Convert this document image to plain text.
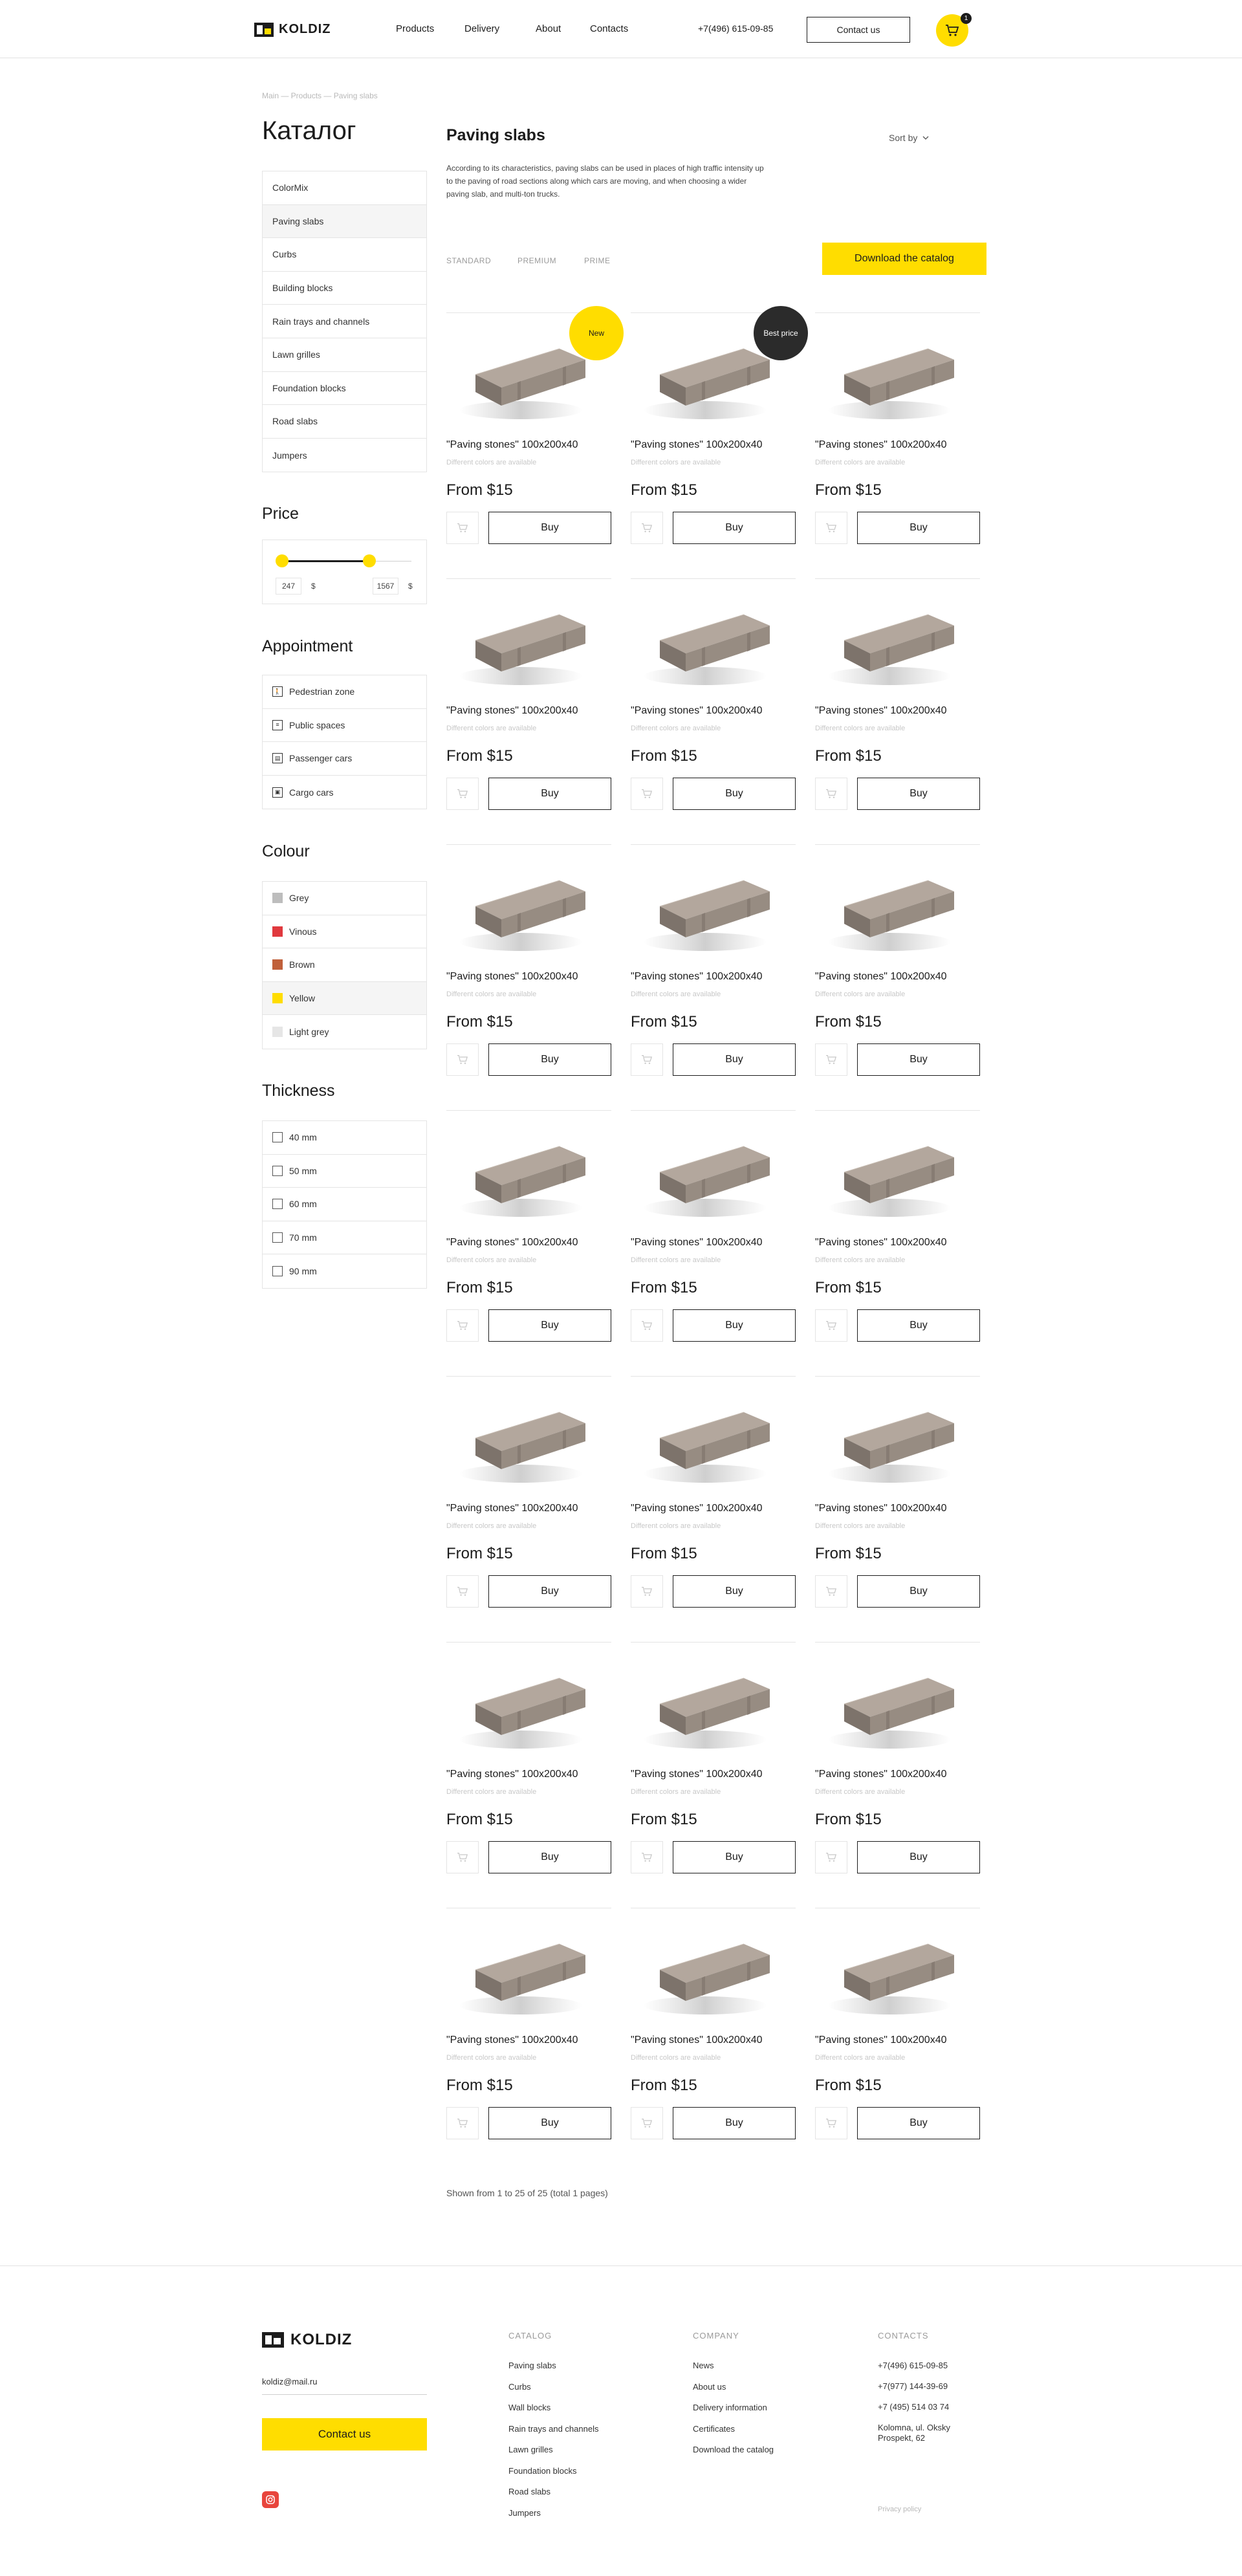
KOLDIZ	Products	Delivery	About	Contacts	+7(496) 615-09-85	Contact us
1
Main — Products — Paving slabs
Каталог
ColorMix
Paving slabs
Curbs
Building blocks
Rain trays and channels
Lawn grilles
Foundation blocks
Road slabs
Jumpers
Price
247	$	1567	$
Appointment
🚶 Pedestrian zone
≡	Public spaces
▤ Passenger cars
▣ Cargo cars
Colour
Grey
Vinous
Brown
Yellow
Light grey
Thickness
40 mm
50 mm
60 mm
70 mm
90 mm
Paving slabs	Sort by

According to its characteristics, paving slabs can be used in places of high traffic intensity up to the paving of road sections along which cars are moving, and when choosing a wider paving slab, and multi-ton trucks.

STANDARD	PREMIUM	PRIME	Download the catalog
New
"Paving stones" 100x200x40
Different colors are available
From $15
Buy
Best price
"Paving stones" 100x200x40
Different colors are available
From $15
Buy
"Paving stones" 100x200x40
Different colors are available
From $15
Buy
"Paving stones" 100x200x40
Different colors are available
From $15
Buy
"Paving stones" 100x200x40
Different colors are available
From $15
Buy
"Paving stones" 100x200x40
Different colors are available
From $15
Buy
"Paving stones" 100x200x40
Different colors are available
From $15
Buy
"Paving stones" 100x200x40
Different colors are available
From $15
Buy
"Paving stones" 100x200x40
Different colors are available
From $15
Buy
"Paving stones" 100x200x40
Different colors are available
From $15
Buy
"Paving stones" 100x200x40
Different colors are available
From $15
Buy
"Paving stones" 100x200x40
Different colors are available
From $15
Buy
"Paving stones" 100x200x40
Different colors are available
From $15
Buy
"Paving stones" 100x200x40
Different colors are available
From $15
Buy
"Paving stones" 100x200x40
Different colors are available
From $15
Buy
"Paving stones" 100x200x40
Different colors are available
From $15
Buy
"Paving stones" 100x200x40
Different colors are available
From $15
Buy
"Paving stones" 100x200x40
Different colors are available
From $15
Buy
"Paving stones" 100x200x40
Different colors are available
From $15
Buy
"Paving stones" 100x200x40
Different colors are available
From $15
Buy
"Paving stones" 100x200x40
Different colors are available
From $15
Buy
Shown from 1 to 25 of 25 (total 1 pages)
KOLDIZ
koldiz@mail.ru
Contact us
CATALOG	COMPANY	CONTACTS
Privacy policy
Paving slabs
Curbs
Wall blocks
Rain trays and channels
Lawn grilles
Foundation blocks
Road slabs
Jumpers
News
About us
Delivery information
Certificates
Download the catalog
+7(496) 615-09-85
+7(977) 144-39-69
+7 (495) 514 03 74
Kolomna, ul. Oksky Prospekt, 62
